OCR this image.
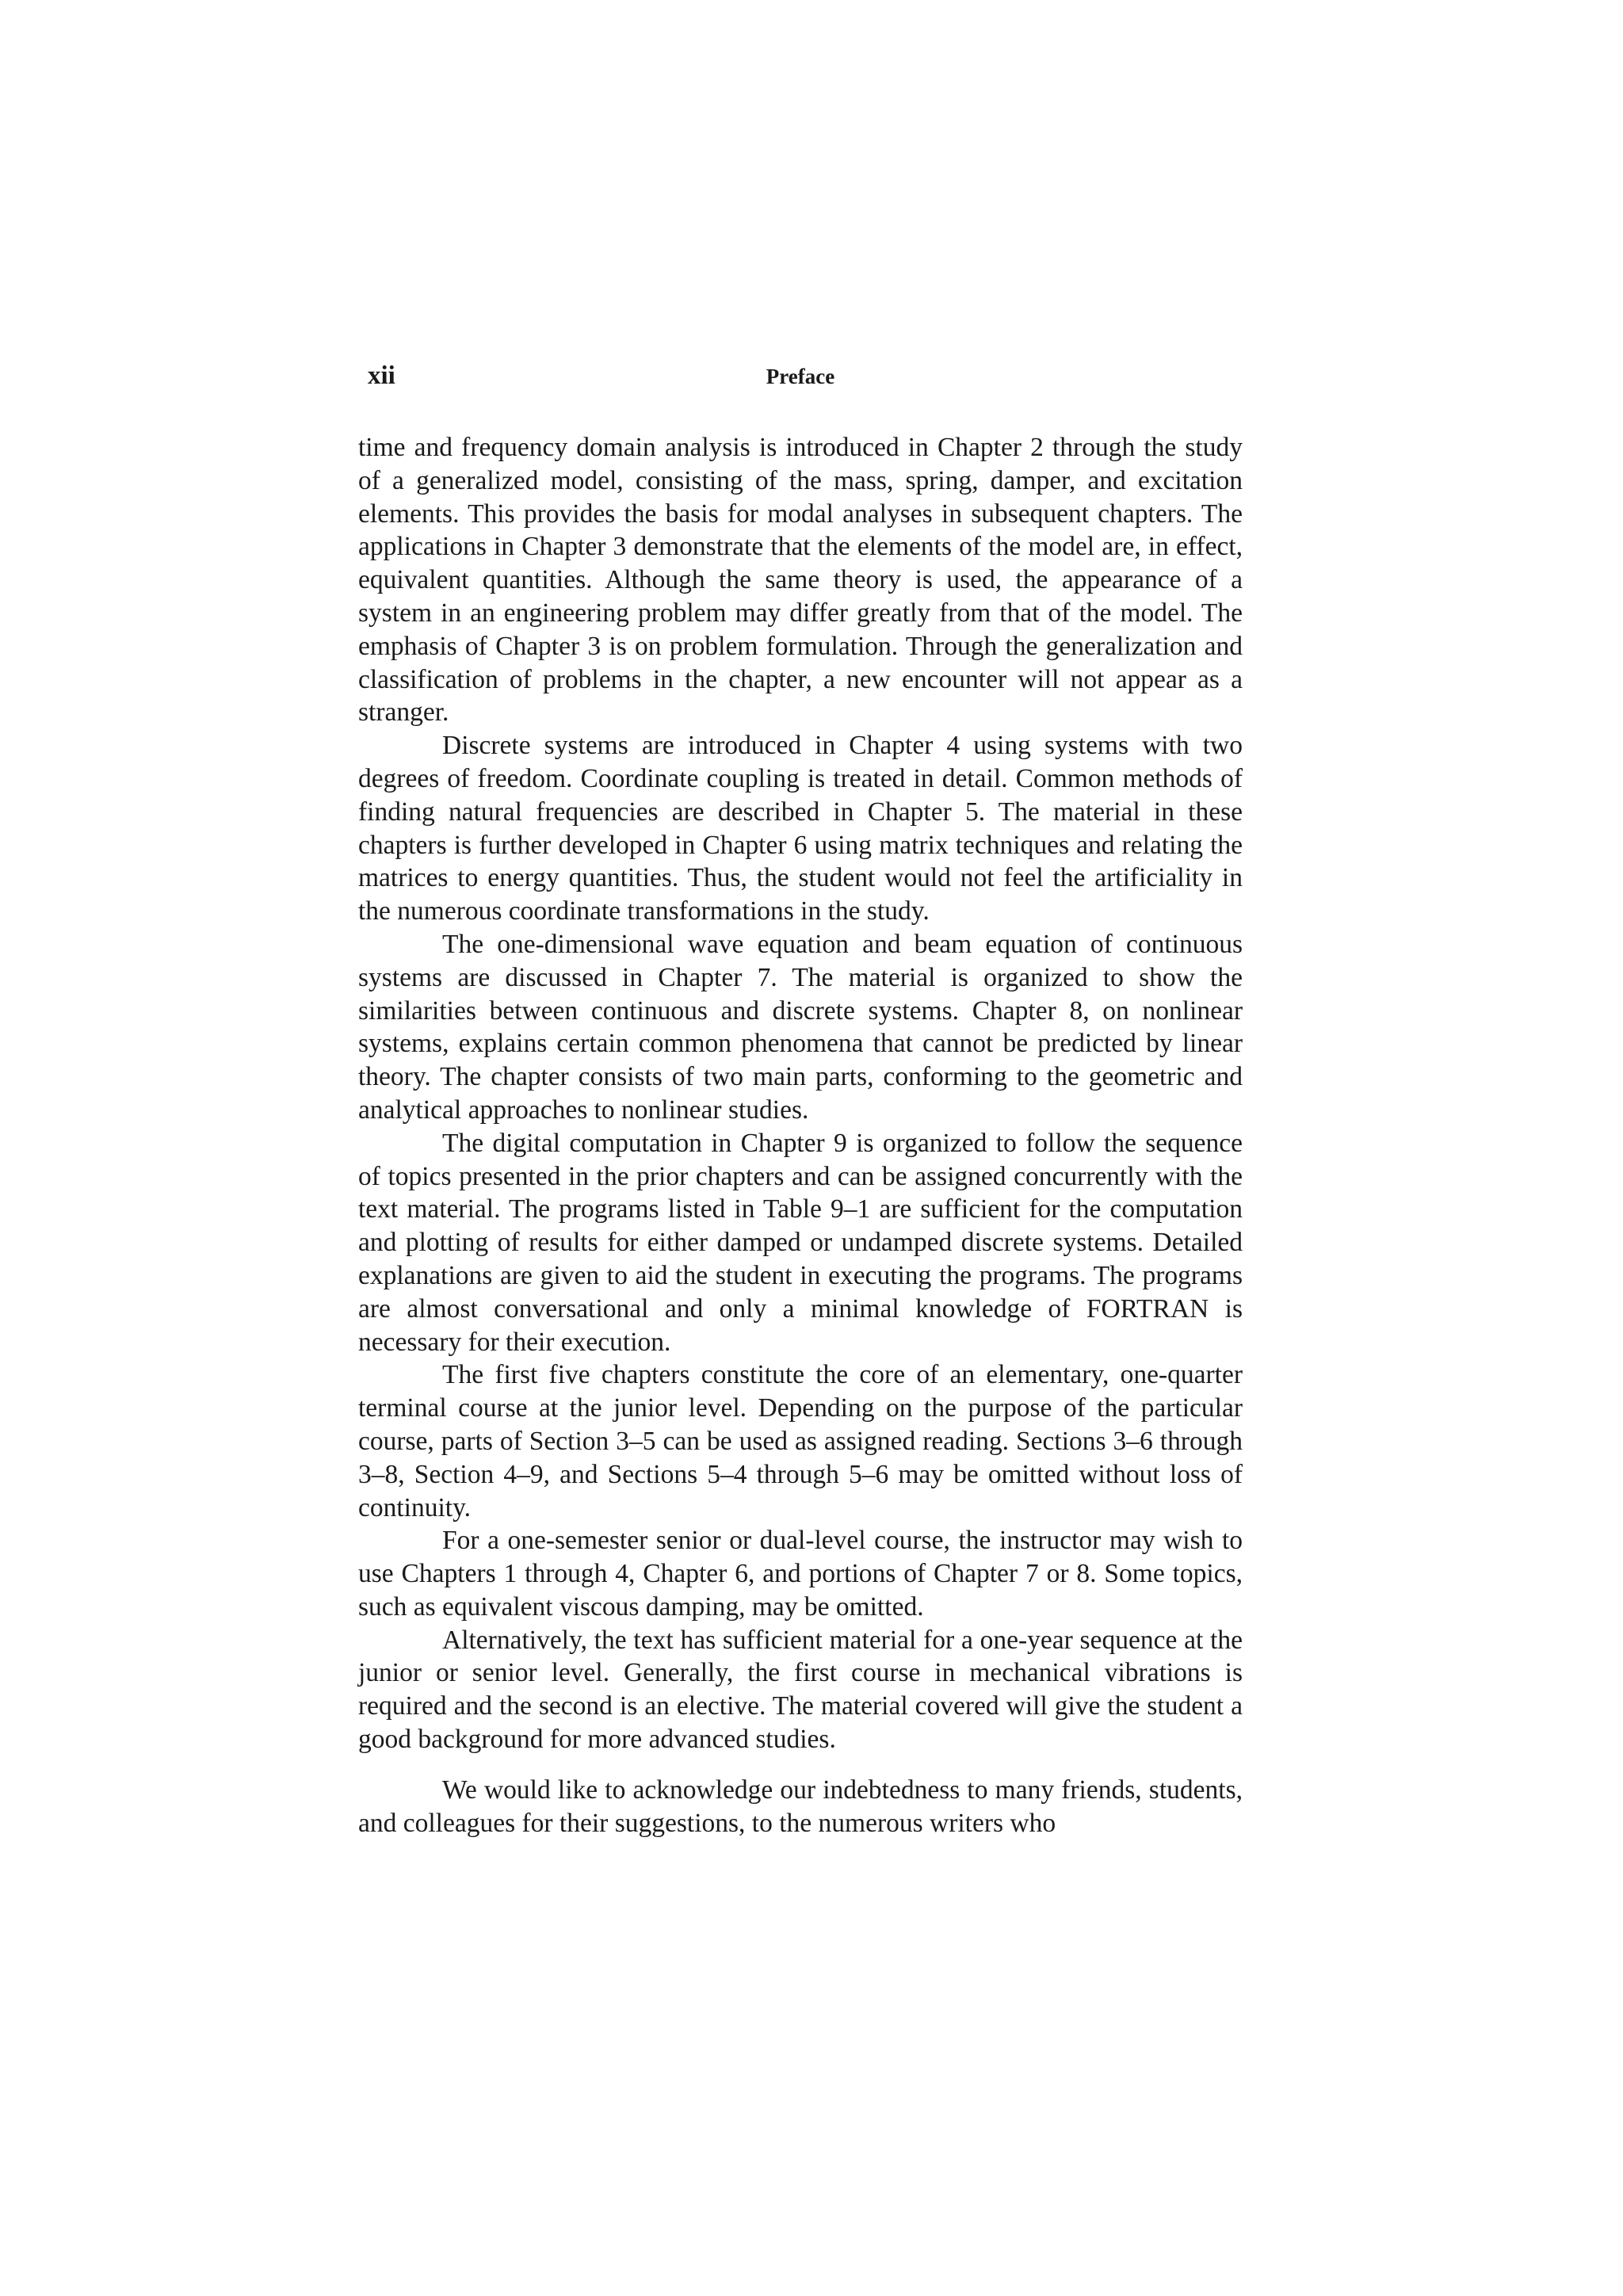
xii	Preface

time and frequency domain analysis is introduced in Chapter 2 through the study of a generalized model, consisting of the mass, spring, damper, and excitation elements. This provides the basis for modal analyses in subsequent chapters. The applications in Chapter 3 demonstrate that the elements of the model are, in effect, equivalent quantities. Although the same theory is used, the appearance of a system in an engineering problem may differ greatly from that of the model. The emphasis of Chapter 3 is on problem formulation. Through the generalization and classification of problems in the chapter, a new encounter will not appear as a stranger.

Discrete systems are introduced in Chapter 4 using systems with two degrees of freedom. Coordinate coupling is treated in detail. Common methods of finding natural frequencies are described in Chapter 5. The material in these chapters is further developed in Chapter 6 using matrix techniques and relating the matrices to energy quantities. Thus, the student would not feel the artificiality in the numerous coordinate transformations in the study.

The one-dimensional wave equation and beam equation of continuous systems are discussed in Chapter 7. The material is organized to show the similarities between continuous and discrete systems. Chapter 8, on nonlinear systems, explains certain common phenomena that cannot be predicted by linear theory. The chapter consists of two main parts, conforming to the geometric and analytical approaches to nonlinear studies.

The digital computation in Chapter 9 is organized to follow the sequence of topics presented in the prior chapters and can be assigned concurrently with the text material. The programs listed in Table 9–1 are sufficient for the computation and plotting of results for either damped or undamped discrete systems. Detailed explanations are given to aid the student in executing the programs. The programs are almost conversational and only a minimal knowledge of FORTRAN is necessary for their execution.

The first five chapters constitute the core of an elementary, one-quarter terminal course at the junior level. Depending on the purpose of the particular course, parts of Section 3–5 can be used as assigned reading. Sections 3–6 through 3–8, Section 4–9, and Sections 5–4 through 5–6 may be omitted without loss of continuity.

For a one-semester senior or dual-level course, the instructor may wish to use Chapters 1 through 4, Chapter 6, and portions of Chapter 7 or 8. Some topics, such as equivalent viscous damping, may be omitted.

Alternatively, the text has sufficient material for a one-year sequence at the junior or senior level. Generally, the first course in mechanical vibrations is required and the second is an elective. The material covered will give the student a good background for more advanced studies.

We would like to acknowledge our indebtedness to many friends, students, and colleagues for their suggestions, to the numerous writers who
